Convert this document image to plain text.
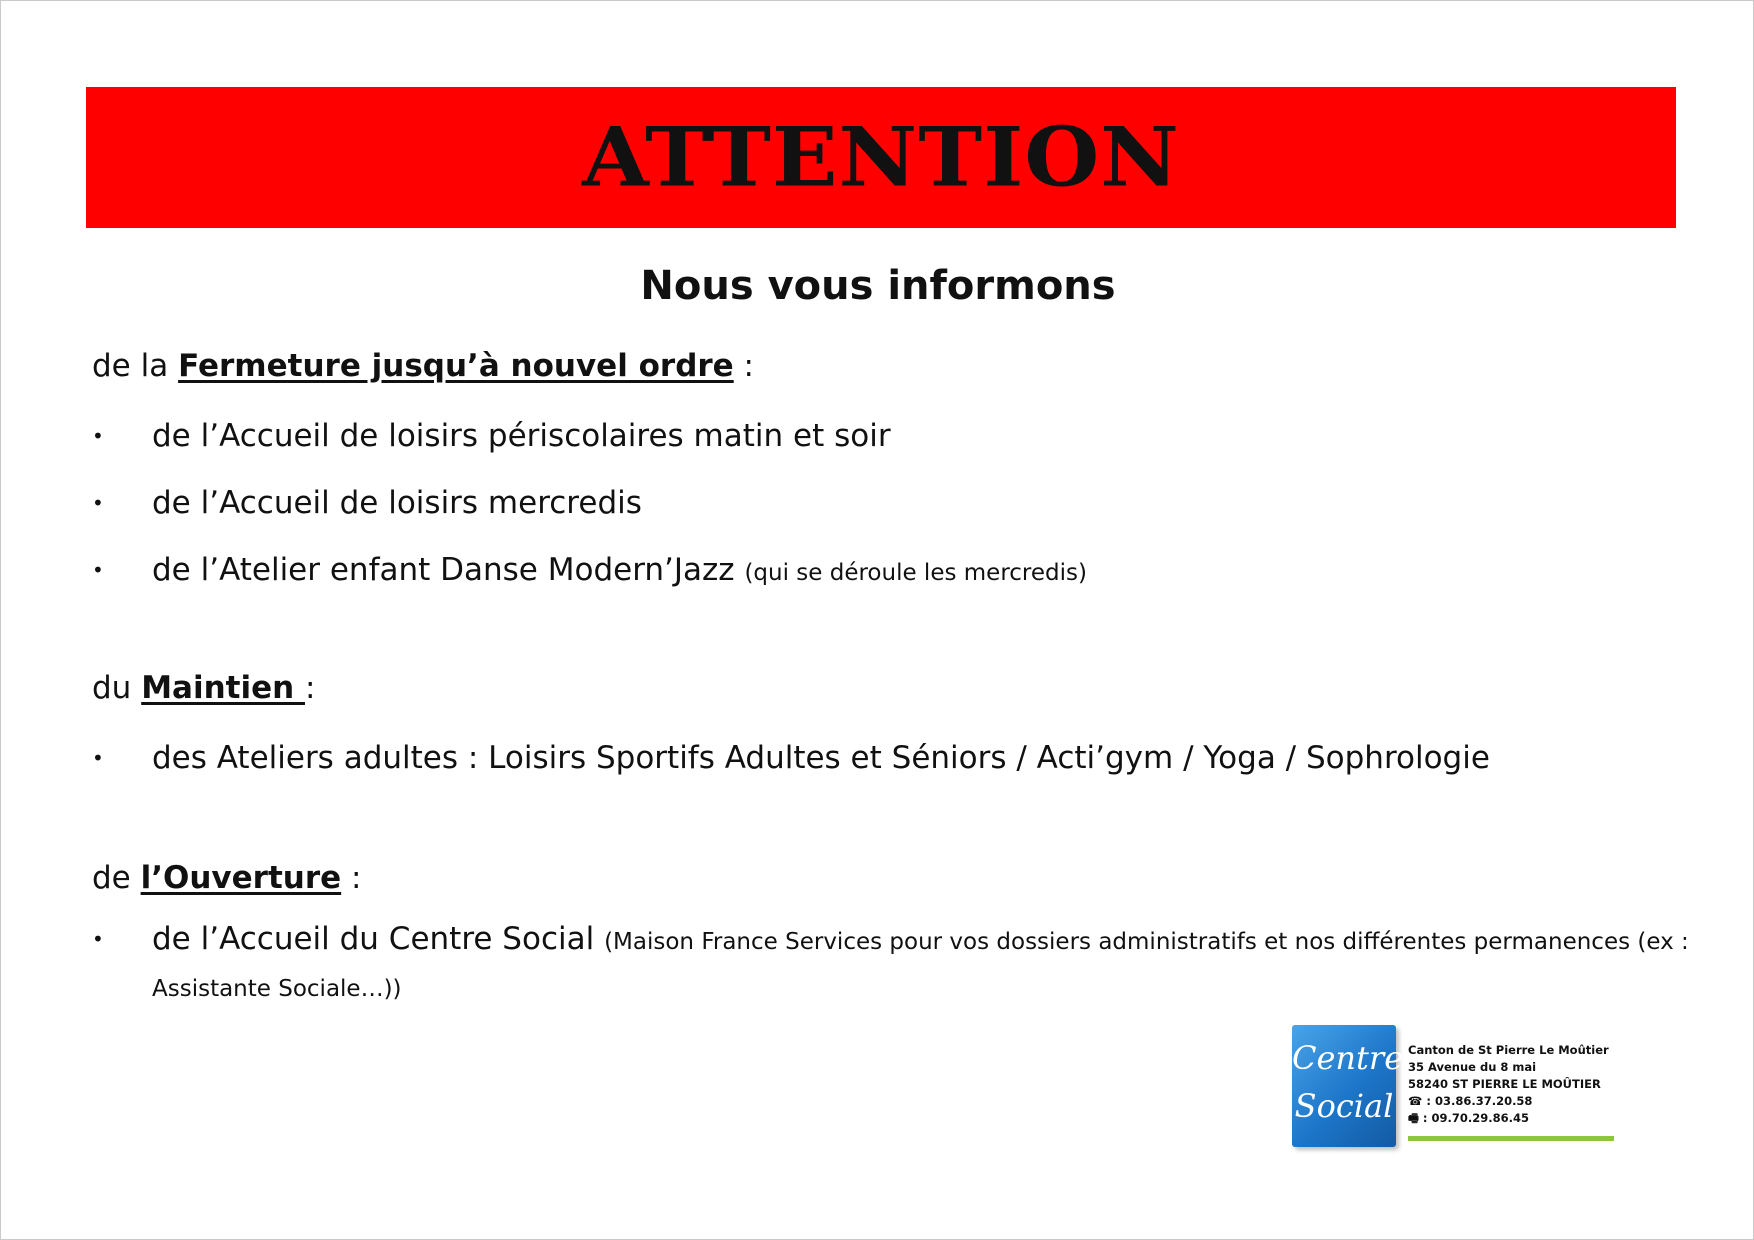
ATTENTION
Nous vous informons
de la Fermeture jusqu’à nouvel ordre :
• de l’Accueil de loisirs périscolaires matin et soir
• de l’Accueil de loisirs mercredis
• de l’Atelier enfant Danse Modern’Jazz (qui se déroule les mercredis)
du Maintien :
• des Ateliers adultes : Loisirs Sportifs Adultes et Séniors / Acti’gym / Yoga / Sophrologie
de l’Ouverture :
• de l’Accueil du Centre Social (Maison France Services pour vos dossiers administratifs et nos différentes permanences (ex : Assistante Sociale…))
Centre
Social
Canton de St Pierre Le Moûtier
35 Avenue du 8 mai
58240 ST PIERRE LE MOÛTIER
☎ : 03.86.37.20.58
🖷 : 09.70.29.86.45
